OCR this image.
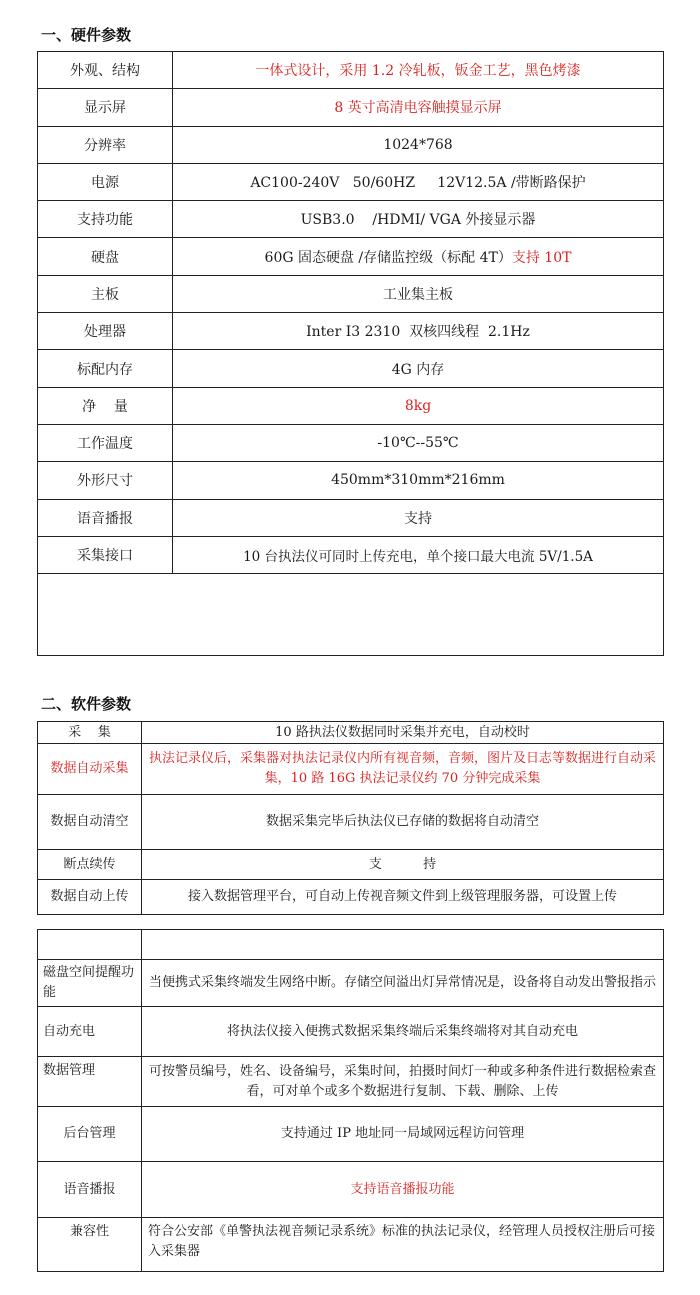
一、硬件参数
外观、结构	一体式设计，采用 1.2 冷轧板，钣金工艺，黑色烤漆
显示屏	8 英寸高清电容触摸显示屏
分辨率	1024*768
电源	AC100-240V   50/60HZ     12V12.5A /带断路保护
支持功能	USB3.0    /HDMI/ VGA 外接显示器
硬盘	60G 固态硬盘 /存储监控级（标配 4T）支持 10T
主板	工业集主板
处理器	Inter I3 2310  双核四线程  2.1Hz
标配内存	4G 内存
净    量	8kg
工作温度	-10℃--55℃
外形尺寸	450mm*310mm*216mm
语音播报	支持
采集接口	10 台执法仪可同时上传充电，单个接口最大电流 5V/1.5A

二、软件参数
采    集	10 路执法仪数据同时采集并充电，自动校时
数据自动采集	执法记录仪后，采集器对执法记录仪内所有视音频，音频，图片及日志等数据进行自动采集，10 路 16G 执法记录仪约 70 分钟完成采集
数据自动清空	数据采集完毕后执法仪已存储的数据将自动清空
断点续传	支          持
数据自动上传	接入数据管理平台，可自动上传视音频文件到上级管理服务器，可设置上传

磁盘空间提醒功能	当便携式采集终端发生网络中断。存储空间溢出灯异常情况是，设备将自动发出警报指示
自动充电	将执法仪接入便携式数据采集终端后采集终端将对其自动充电
数据管理	可按警员编号，姓名、设备编号，采集时间，拍摄时间灯一种或多种条件进行数据检索查看，可对单个或多个数据进行复制、下载、删除、上传
后台管理	支持通过 IP 地址同一局域网远程访问管理
语音播报	支持语音播报功能
兼容性	符合公安部《单警执法视音频记录系统》标准的执法记录仪，经管理人员授权注册后可接入采集器
